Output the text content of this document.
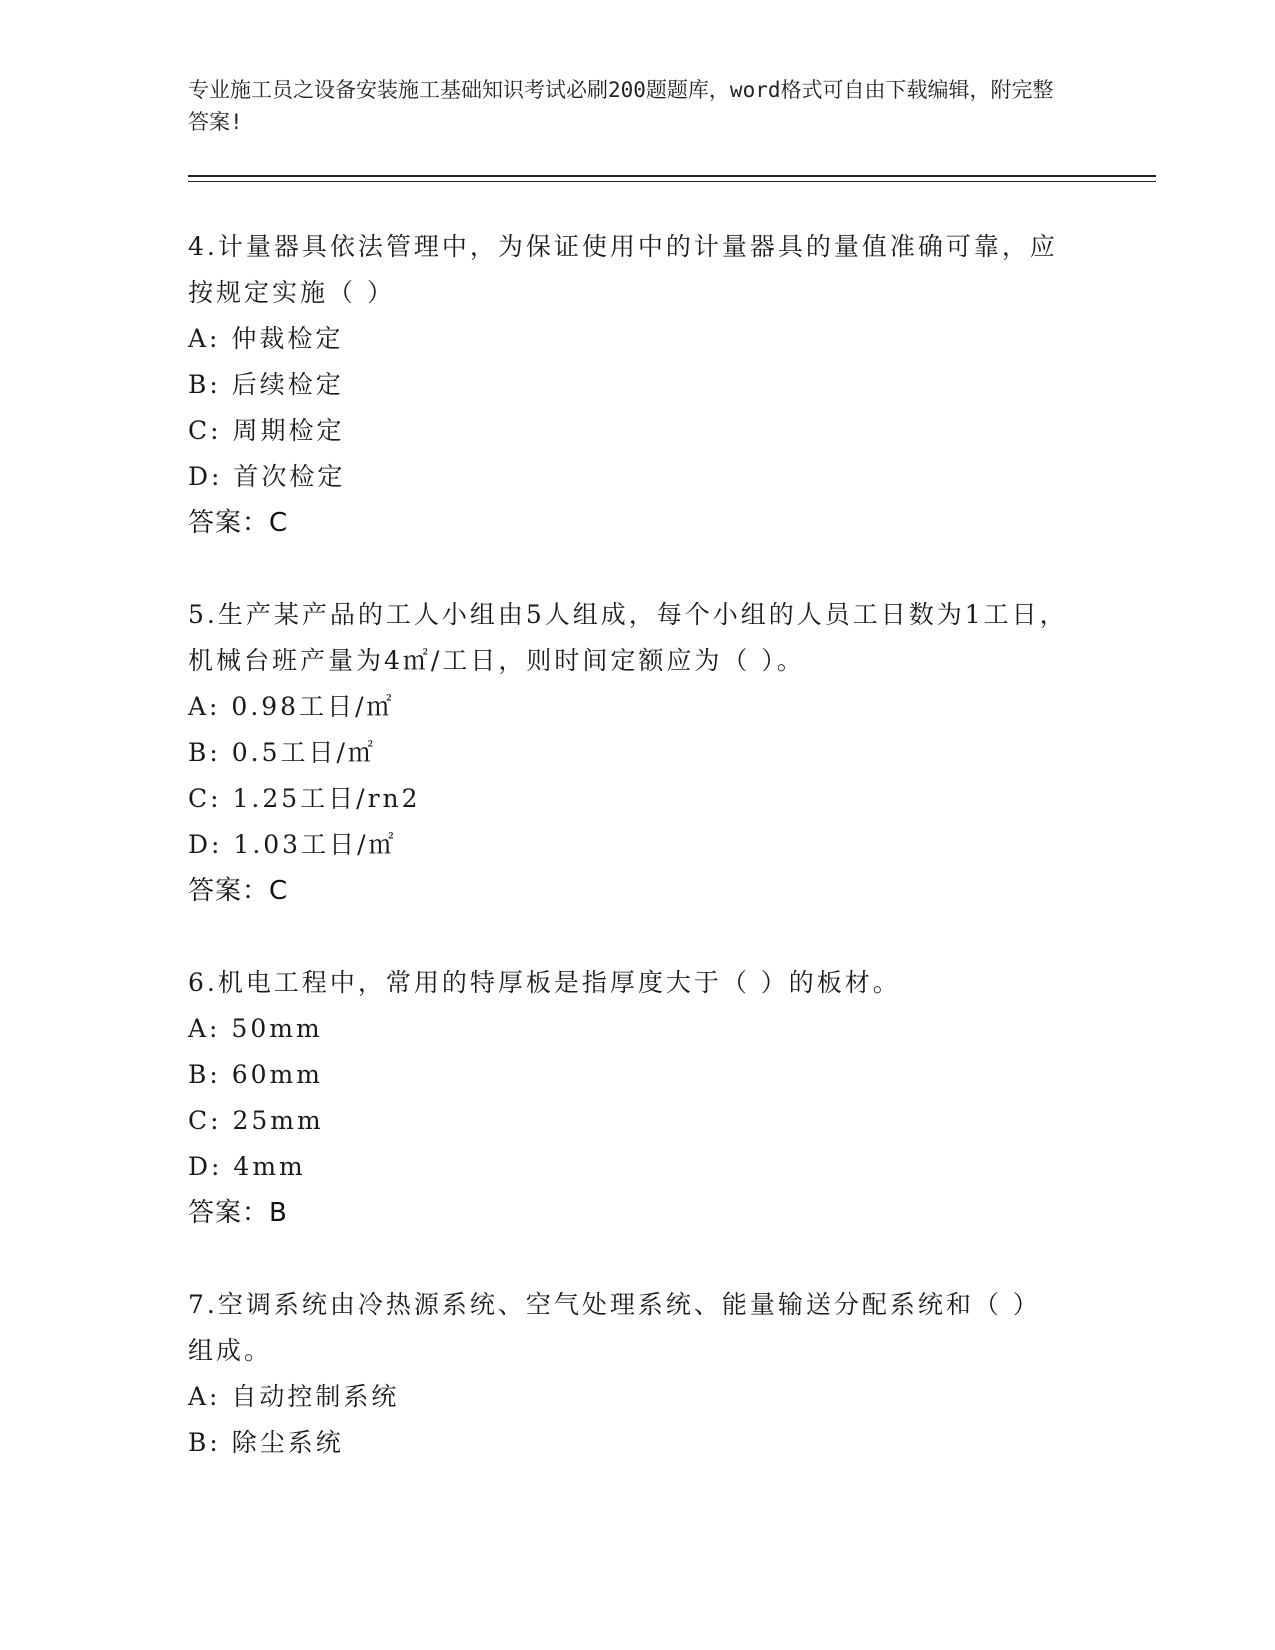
专业施工员之设备安装施工基础知识考试必刷200题题库，word格式可自由下载编辑，附完整答案!
4.计量器具依法管理中，为保证使用中的计量器具的量值准确可靠，应按规定实施（ ）
A: 仲裁检定
B: 后续检定
C: 周期检定
D: 首次检定
答案：C
5.生产某产品的工人小组由5人组成，每个小组的人员工日数为1工日，机械台班产量为4㎡/工日，则时间定额应为（ ）。
A: 0.98工日/㎡
B: 0.5工日/㎡
C: 1.25工日/rn2
D: 1.03工日/㎡
答案：C
6.机电工程中，常用的特厚板是指厚度大于（ ）的板材。
A: 50mm
B: 60mm
C: 25mm
D: 4mm
答案：B
7.空调系统由冷热源系统、空气处理系统、能量输送分配系统和（ ）组成。
A: 自动控制系统
B: 除尘系统
